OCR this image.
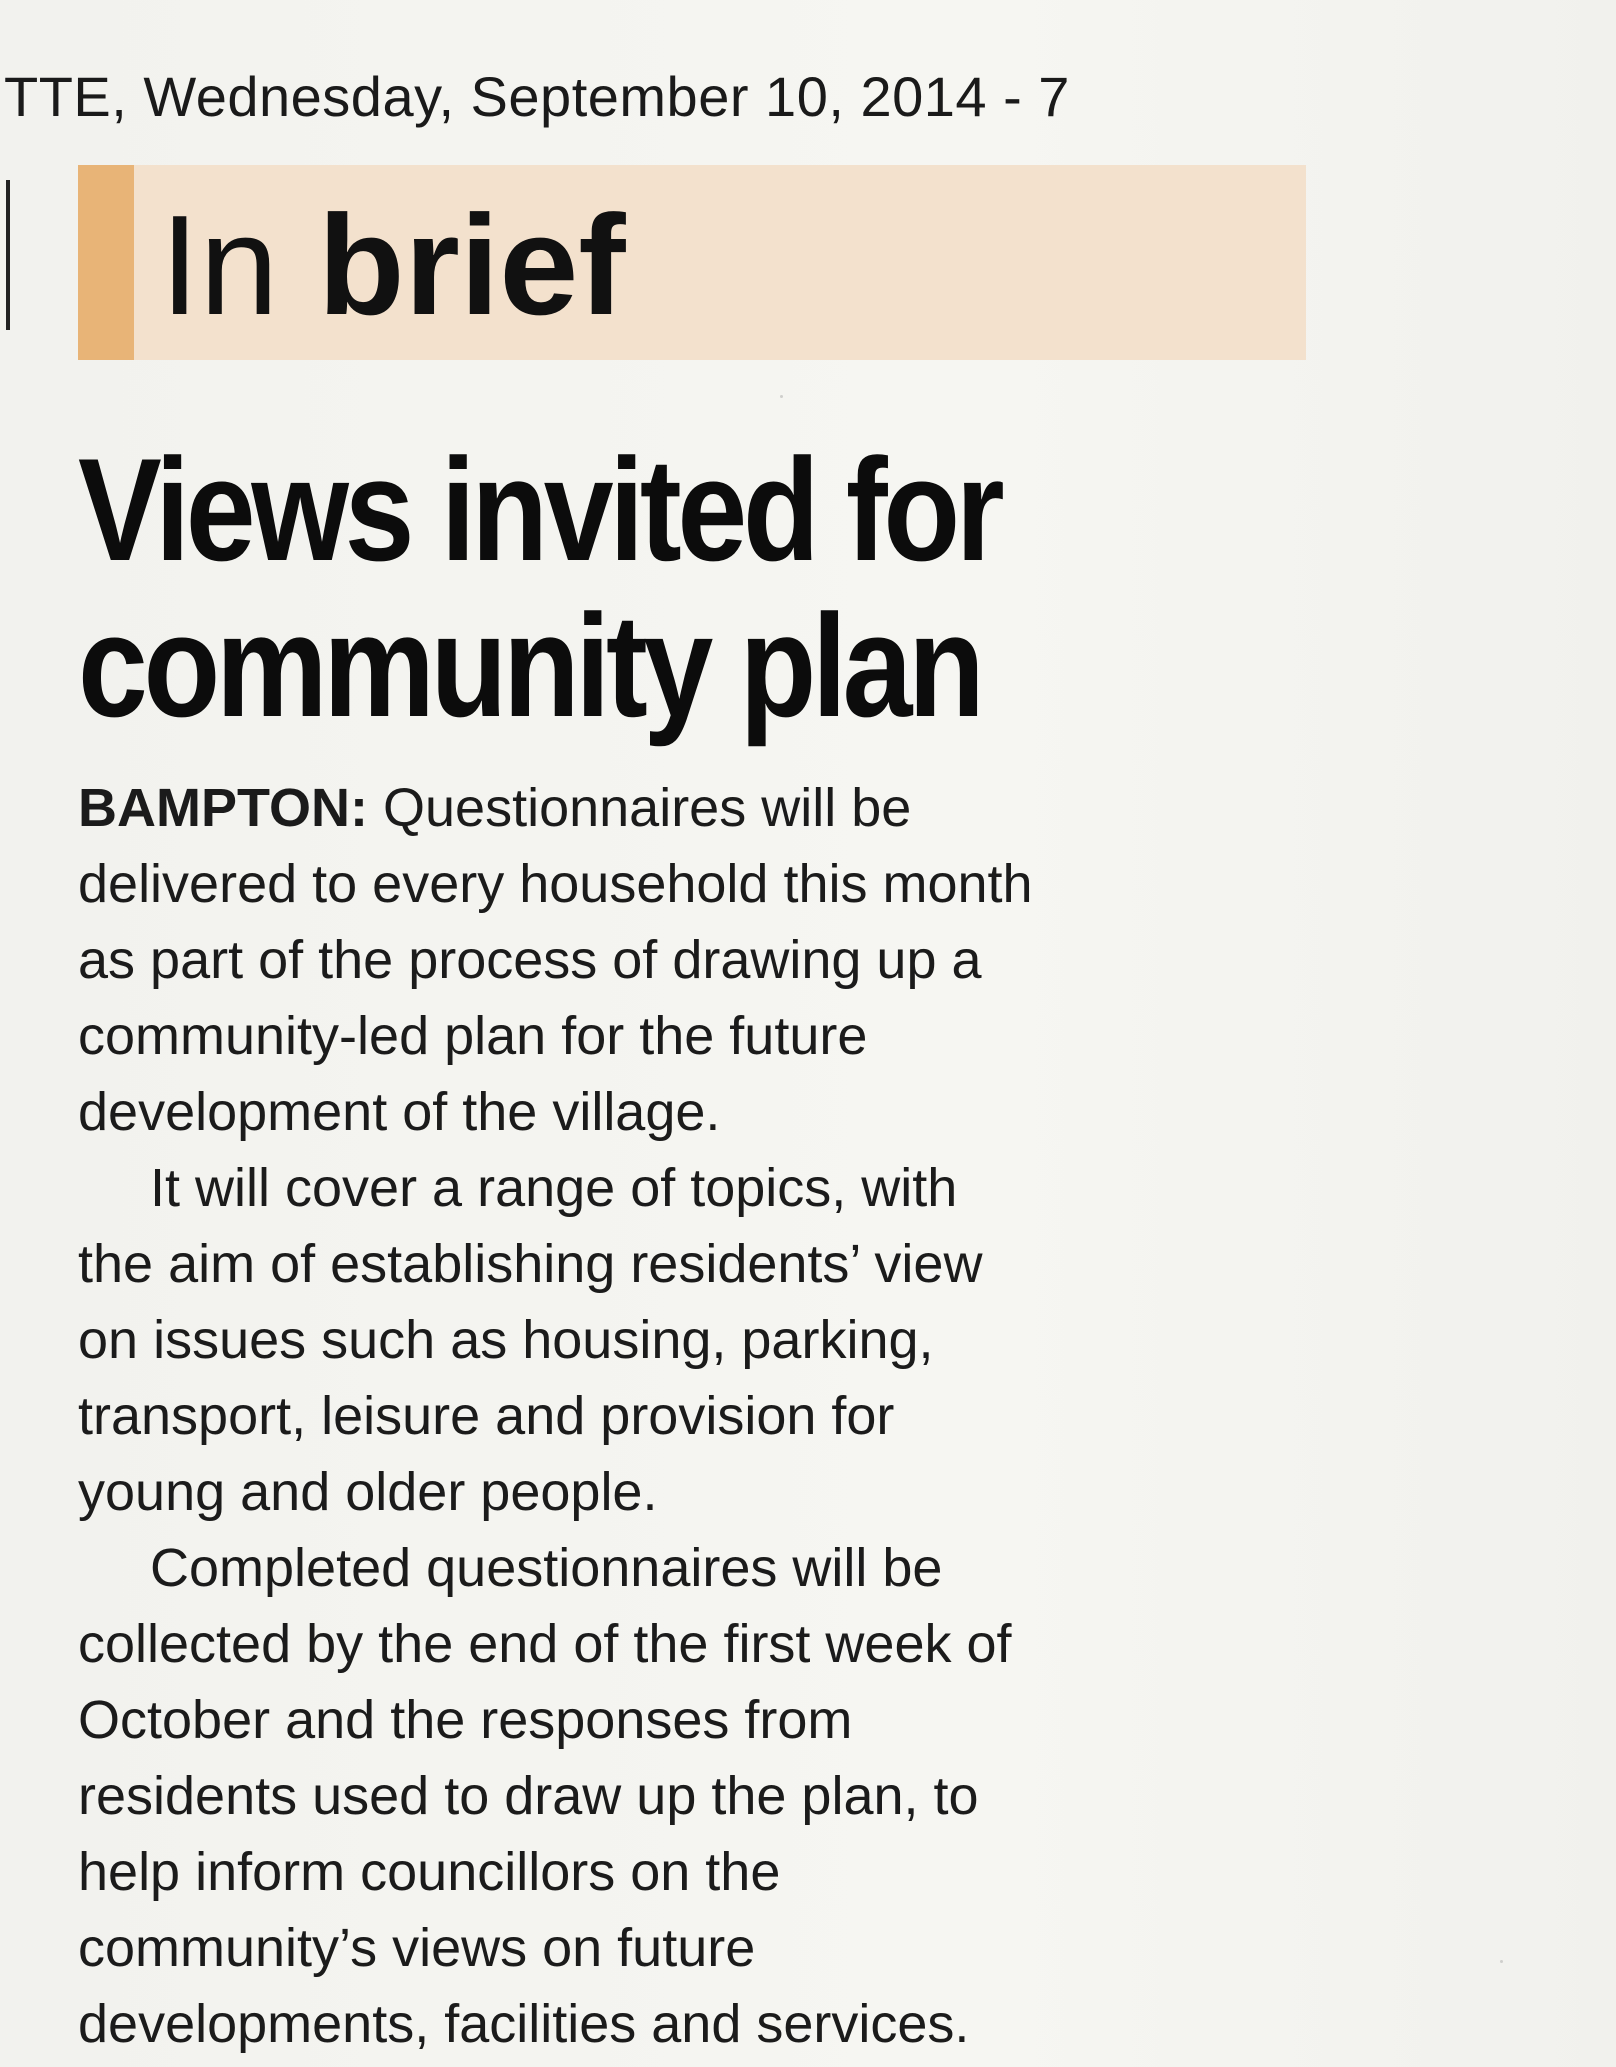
TTE, Wednesday, September 10, 2014 - 7
In brief
Views invited for
community plan

BAMPTON: Questionnaires will be
delivered to every household this month
as part of the process of drawing up a
community-led plan for the future
development of the village.

It will cover a range of topics, with
the aim of establishing residents’ view
on issues such as housing, parking,
transport, leisure and provision for
young and older people.

Completed questionnaires will be
collected by the end of the first week of
October and the responses from
residents used to draw up the plan, to
help inform councillors on the
community’s views on future
developments, facilities and services.
